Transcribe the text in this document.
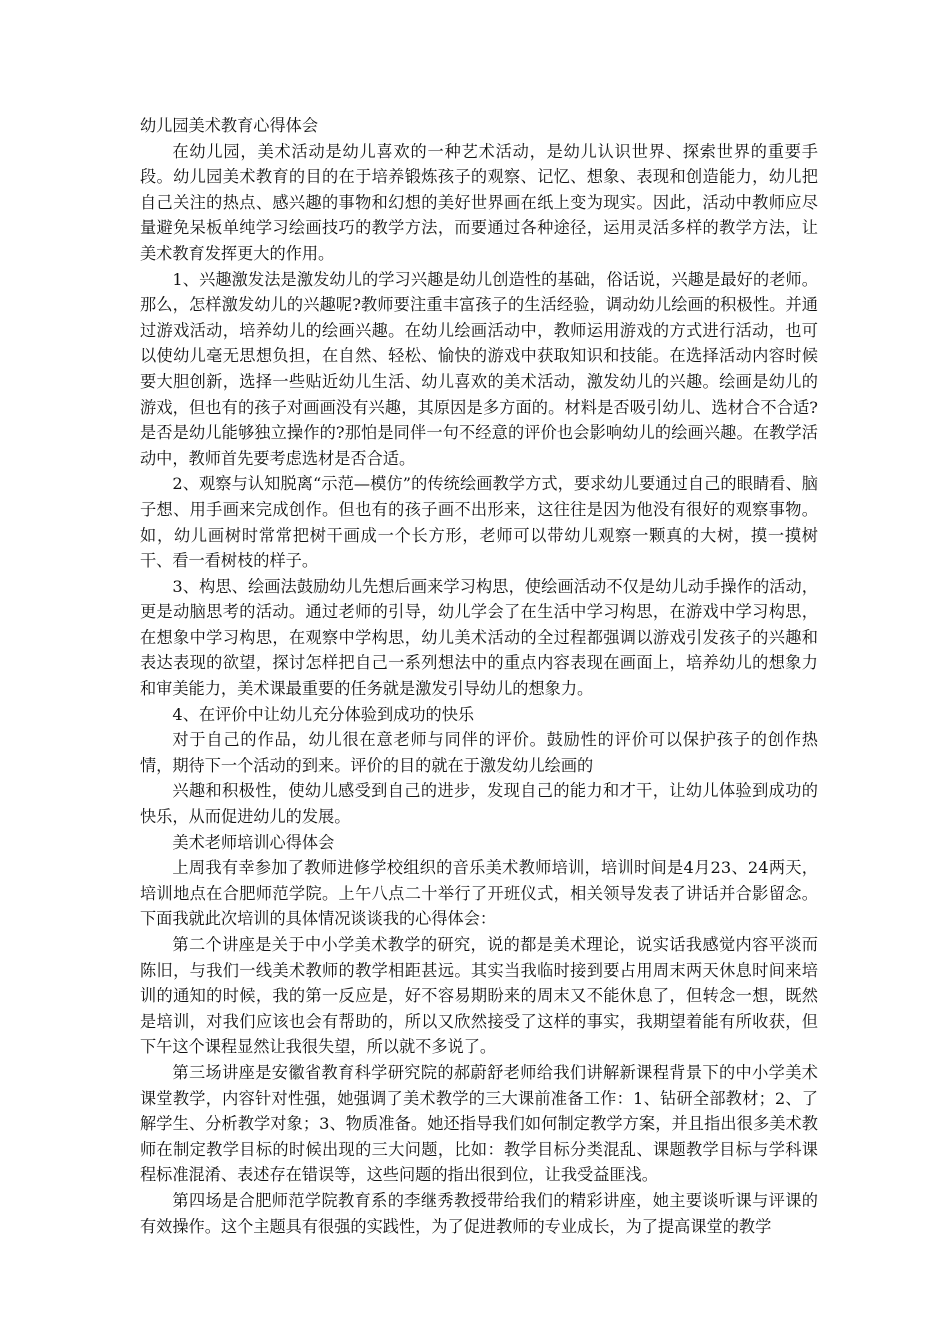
幼儿园美术教育心得体会

在幼儿园，美术活动是幼儿喜欢的一种艺术活动，是幼儿认识世界、探索世界的重要手段。幼儿园美术教育的目的在于培养锻炼孩子的观察、记忆、想象、表现和创造能力，幼儿把自己关注的热点、感兴趣的事物和幻想的美好世界画在纸上变为现实。因此，活动中教师应尽量避免呆板单纯学习绘画技巧的教学方法，而要通过各种途径，运用灵活多样的教学方法，让美术教育发挥更大的作用。

1、兴趣激发法是激发幼儿的学习兴趣是幼儿创造性的基础，俗话说，兴趣是最好的老师。那么，怎样激发幼儿的兴趣呢?教师要注重丰富孩子的生活经验，调动幼儿绘画的积极性。并通过游戏活动，培养幼儿的绘画兴趣。在幼儿绘画活动中，教师运用游戏的方式进行活动，也可以使幼儿毫无思想负担，在自然、轻松、愉快的游戏中获取知识和技能。在选择活动内容时候要大胆创新，选择一些贴近幼儿生活、幼儿喜欢的美术活动，激发幼儿的兴趣。绘画是幼儿的游戏，但也有的孩子对画画没有兴趣，其原因是多方面的。材料是否吸引幼儿、选材合不合适?是否是幼儿能够独立操作的?那怕是同伴一句不经意的评价也会影响幼儿的绘画兴趣。在教学活动中，教师首先要考虑选材是否合适。

2、观察与认知脱离“示范—模仿”的传统绘画教学方式，要求幼儿要通过自己的眼睛看、脑子想、用手画来完成创作。但也有的孩子画不出形来，这往往是因为他没有很好的观察事物。如，幼儿画树时常常把树干画成一个长方形，老师可以带幼儿观察一颗真的大树，摸一摸树干、看一看树枝的样子。

3、构思、绘画法鼓励幼儿先想后画来学习构思，使绘画活动不仅是幼儿动手操作的活动，更是动脑思考的活动。通过老师的引导，幼儿学会了在生活中学习构思，在游戏中学习构思，在想象中学习构思，在观察中学构思，幼儿美术活动的全过程都强调以游戏引发孩子的兴趣和表达表现的欲望，探讨怎样把自己一系列想法中的重点内容表现在画面上，培养幼儿的想象力和审美能力，美术课最重要的任务就是激发引导幼儿的想象力。

4、在评价中让幼儿充分体验到成功的快乐

对于自己的作品，幼儿很在意老师与同伴的评价。鼓励性的评价可以保护孩子的创作热情，期待下一个活动的到来。评价的目的就在于激发幼儿绘画的

兴趣和积极性，使幼儿感受到自己的进步，发现自己的能力和才干，让幼儿体验到成功的快乐，从而促进幼儿的发展。

美术老师培训心得体会

上周我有幸参加了教师进修学校组织的音乐美术教师培训，培训时间是4月23、24两天，培训地点在合肥师范学院。上午八点二十举行了开班仪式，相关领导发表了讲话并合影留念。下面我就此次培训的具体情况谈谈我的心得体会：

第二个讲座是关于中小学美术教学的研究，说的都是美术理论，说实话我感觉内容平淡而陈旧，与我们一线美术教师的教学相距甚远。其实当我临时接到要占用周末两天休息时间来培训的通知的时候，我的第一反应是，好不容易期盼来的周末又不能休息了，但转念一想，既然是培训，对我们应该也会有帮助的，所以又欣然接受了这样的事实，我期望着能有所收获，但下午这个课程显然让我很失望，所以就不多说了。

第三场讲座是安徽省教育科学研究院的郝蔚舒老师给我们讲解新课程背景下的中小学美术课堂教学，内容针对性强，她强调了美术教学的三大课前准备工作：1、钻研全部教材；2、了解学生、分析教学对象；3、物质准备。她还指导我们如何制定教学方案，并且指出很多美术教师在制定教学目标的时候出现的三大问题，比如：教学目标分类混乱、课题教学目标与学科课程标准混淆、表述存在错误等，这些问题的指出很到位，让我受益匪浅。

第四场是合肥师范学院教育系的李继秀教授带给我们的精彩讲座，她主要谈听课与评课的有效操作。这个主题具有很强的实践性，为了促进教师的专业成长，为了提高课堂的教学
